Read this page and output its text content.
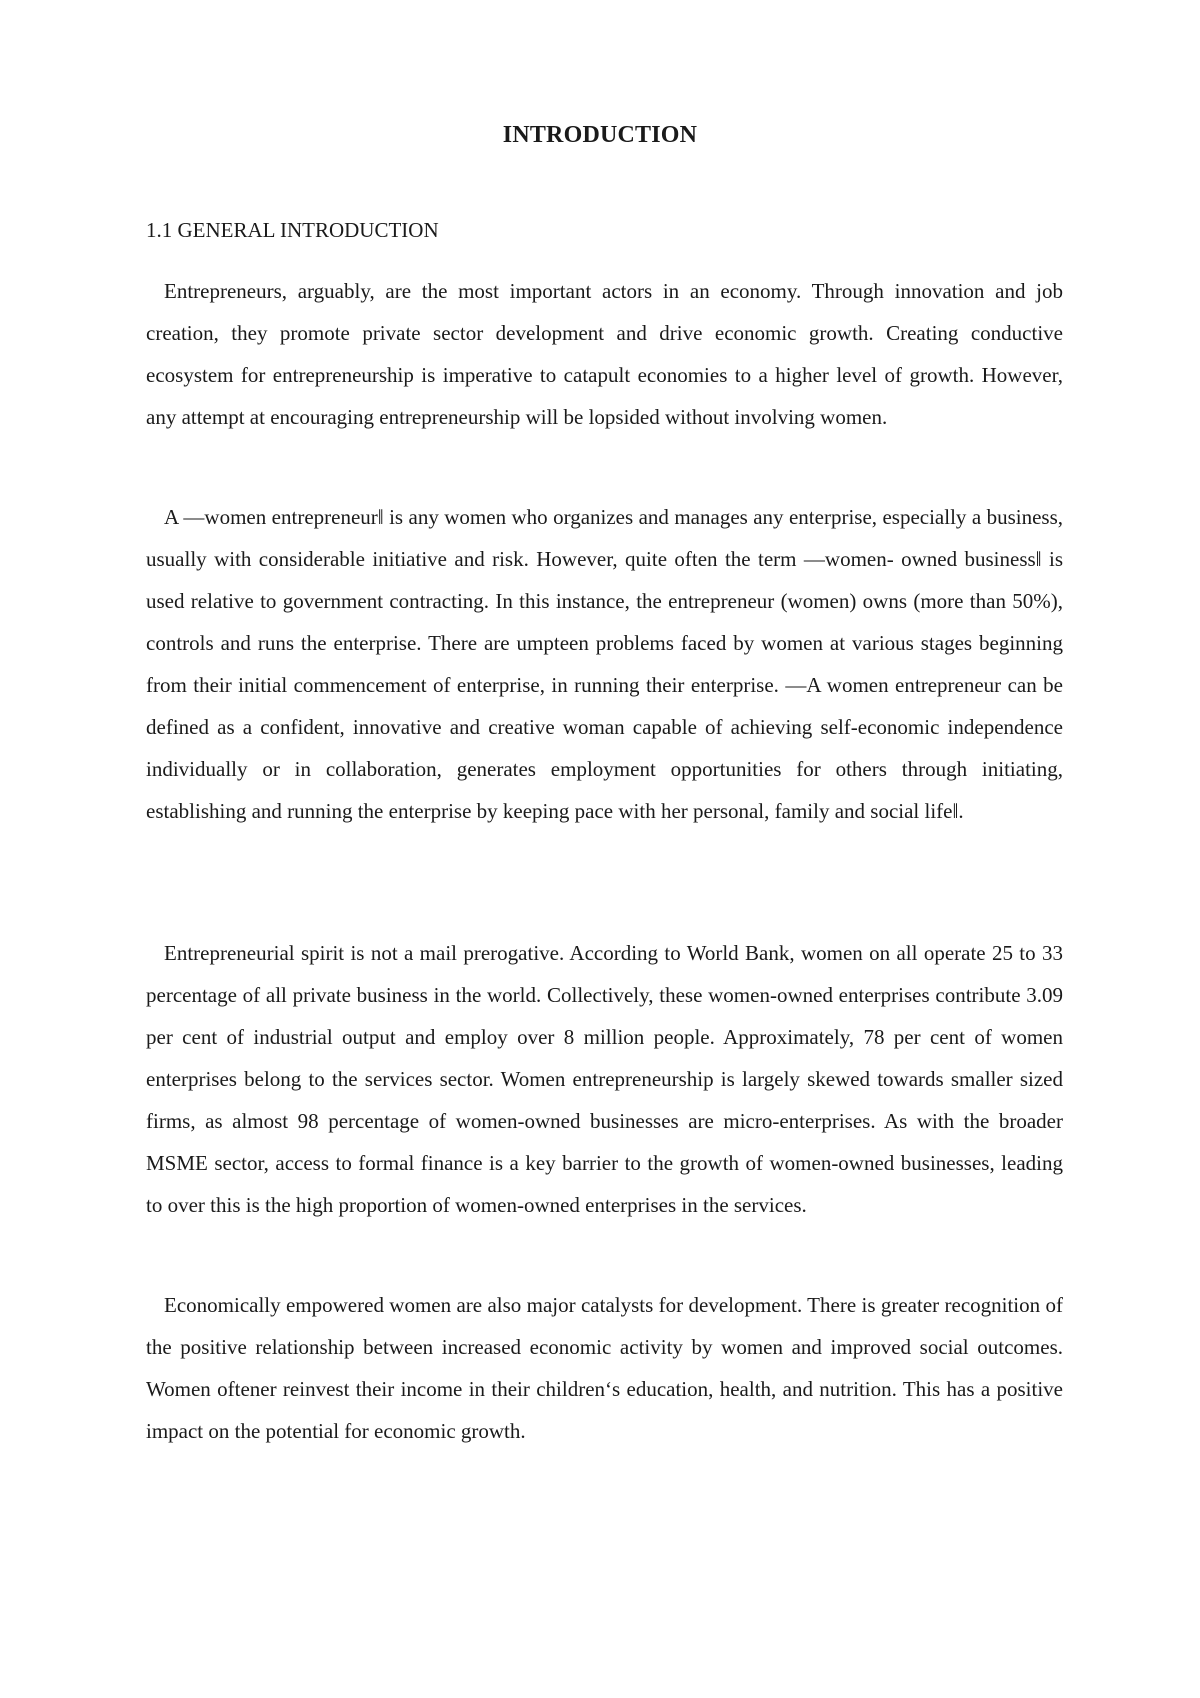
INTRODUCTION
1.1 GENERAL INTRODUCTION

Entrepreneurs, arguably, are the most important actors in an economy. Through innovation and job creation, they promote private sector development and drive economic growth. Creating conductive ecosystem for entrepreneurship is imperative to catapult economies to a higher level of growth. However, any attempt at encouraging entrepreneurship will be lopsided without involving women.

A ―women entrepreneur‖ is any women who organizes and manages any enterprise, especially a business, usually with considerable initiative and risk. However, quite often the term ―women- owned business‖ is used relative to government contracting. In this instance, the entrepreneur (women) owns (more than 50%), controls and runs the enterprise. There are umpteen problems faced by women at various stages beginning from their initial commencement of enterprise, in running their enterprise. ―A women entrepreneur can be defined as a confident, innovative and creative woman capable of achieving self-economic independence individually or in collaboration, generates employment opportunities for others through initiating, establishing and running the enterprise by keeping pace with her personal, family and social life‖.

Entrepreneurial spirit is not a mail prerogative. According to World Bank, women on all operate 25 to 33 percentage of all private business in the world. Collectively, these women-owned enterprises contribute 3.09 per cent of industrial output and employ over 8 million people. Approximately, 78 per cent of women enterprises belong to the services sector. Women entrepreneurship is largely skewed towards smaller sized firms, as almost 98 percentage of women-owned businesses are micro-enterprises. As with the broader MSME sector, access to formal finance is a key barrier to the growth of women-owned businesses, leading to over this is the high proportion of women-owned enterprises in the services.

Economically empowered women are also major catalysts for development. There is greater recognition of the positive relationship between increased economic activity by women and improved social outcomes. Women oftener reinvest their income in their children‘s education, health, and nutrition. This has a positive impact on the potential for economic growth.
